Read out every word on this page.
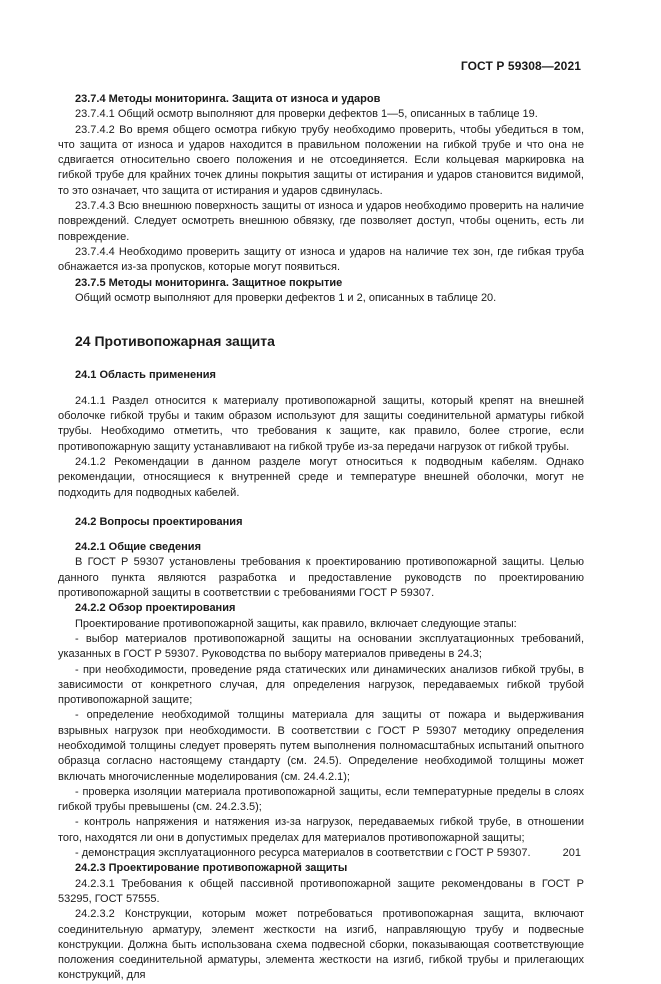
ГОСТ Р 59308—2021

23.7.4 Методы мониторинга. Защита от износа и ударов

23.7.4.1 Общий осмотр выполняют для проверки дефектов 1—5, описанных в таблице 19.

23.7.4.2 Во время общего осмотра гибкую трубу необходимо проверить, чтобы убедиться в том, что защита от износа и ударов находится в правильном положении на гибкой трубе и что она не сдвигается относительно своего положения и не отсоединяется. Если кольцевая маркировка на гибкой трубе для крайних точек длины покрытия защиты от истирания и ударов становится видимой, то это означает, что защита от истирания и ударов сдвинулась.

23.7.4.3 Всю внешнюю поверхность защиты от износа и ударов необходимо проверить на наличие повреждений. Следует осмотреть внешнюю обвязку, где позволяет доступ, чтобы оценить, есть ли повреждение.

23.7.4.4 Необходимо проверить защиту от износа и ударов на наличие тех зон, где гибкая труба обнажается из-за пропусков, которые могут появиться.

23.7.5 Методы мониторинга. Защитное покрытие

Общий осмотр выполняют для проверки дефектов 1 и 2, описанных в таблице 20.

24 Противопожарная защита

24.1 Область применения

24.1.1 Раздел относится к материалу противопожарной защиты, который крепят на внешней оболочке гибкой трубы и таким образом используют для защиты соединительной арматуры гибкой трубы. Необходимо отметить, что требования к защите, как правило, более строгие, если противопожарную защиту устанавливают на гибкой трубе из-за передачи нагрузок от гибкой трубы.

24.1.2 Рекомендации в данном разделе могут относиться к подводным кабелям. Однако рекомендации, относящиеся к внутренней среде и температуре внешней оболочки, могут не подходить для подводных кабелей.

24.2 Вопросы проектирования

24.2.1 Общие сведения

В ГОСТ Р 59307 установлены требования к проектированию противопожарной защиты. Целью данного пункта являются разработка и предоставление руководств по проектированию противопожарной защиты в соответствии с требованиями ГОСТ Р 59307.

24.2.2 Обзор проектирования

Проектирование противопожарной защиты, как правило, включает следующие этапы:

- выбор материалов противопожарной защиты на основании эксплуатационных требований, указанных в ГОСТ Р 59307. Руководства по выбору материалов приведены в 24.3;

- при необходимости, проведение ряда статических или динамических анализов гибкой трубы, в зависимости от конкретного случая, для определения нагрузок, передаваемых гибкой трубой противопожарной защите;

- определение необходимой толщины материала для защиты от пожара и выдерживания взрывных нагрузок при необходимости. В соответствии с ГОСТ Р 59307 методику определения необходимой толщины следует проверять путем выполнения полномасштабных испытаний опытного образца согласно настоящему стандарту (см. 24.5). Определение необходимой толщины может включать многочисленные моделирования (см. 24.4.2.1);

- проверка изоляции материала противопожарной защиты, если температурные пределы в слоях гибкой трубы превышены (см. 24.2.3.5);

- контроль напряжения и натяжения из-за нагрузок, передаваемых гибкой трубе, в отношении того, находятся ли они в допустимых пределах для материалов противопожарной защиты;

- демонстрация эксплуатационного ресурса материалов в соответствии с ГОСТ Р 59307.

24.2.3 Проектирование противопожарной защиты

24.2.3.1 Требования к общей пассивной противопожарной защите рекомендованы в ГОСТ Р 53295, ГОСТ 57555.

24.2.3.2 Конструкции, которым может потребоваться противопожарная защита, включают соединительную арматуру, элемент жесткости на изгиб, направляющую трубу и подвесные конструкции. Должна быть использована схема подвесной сборки, показывающая соответствующие положения соединительной арматуры, элемента жесткости на изгиб, гибкой трубы и прилегающих конструкций, для

201
